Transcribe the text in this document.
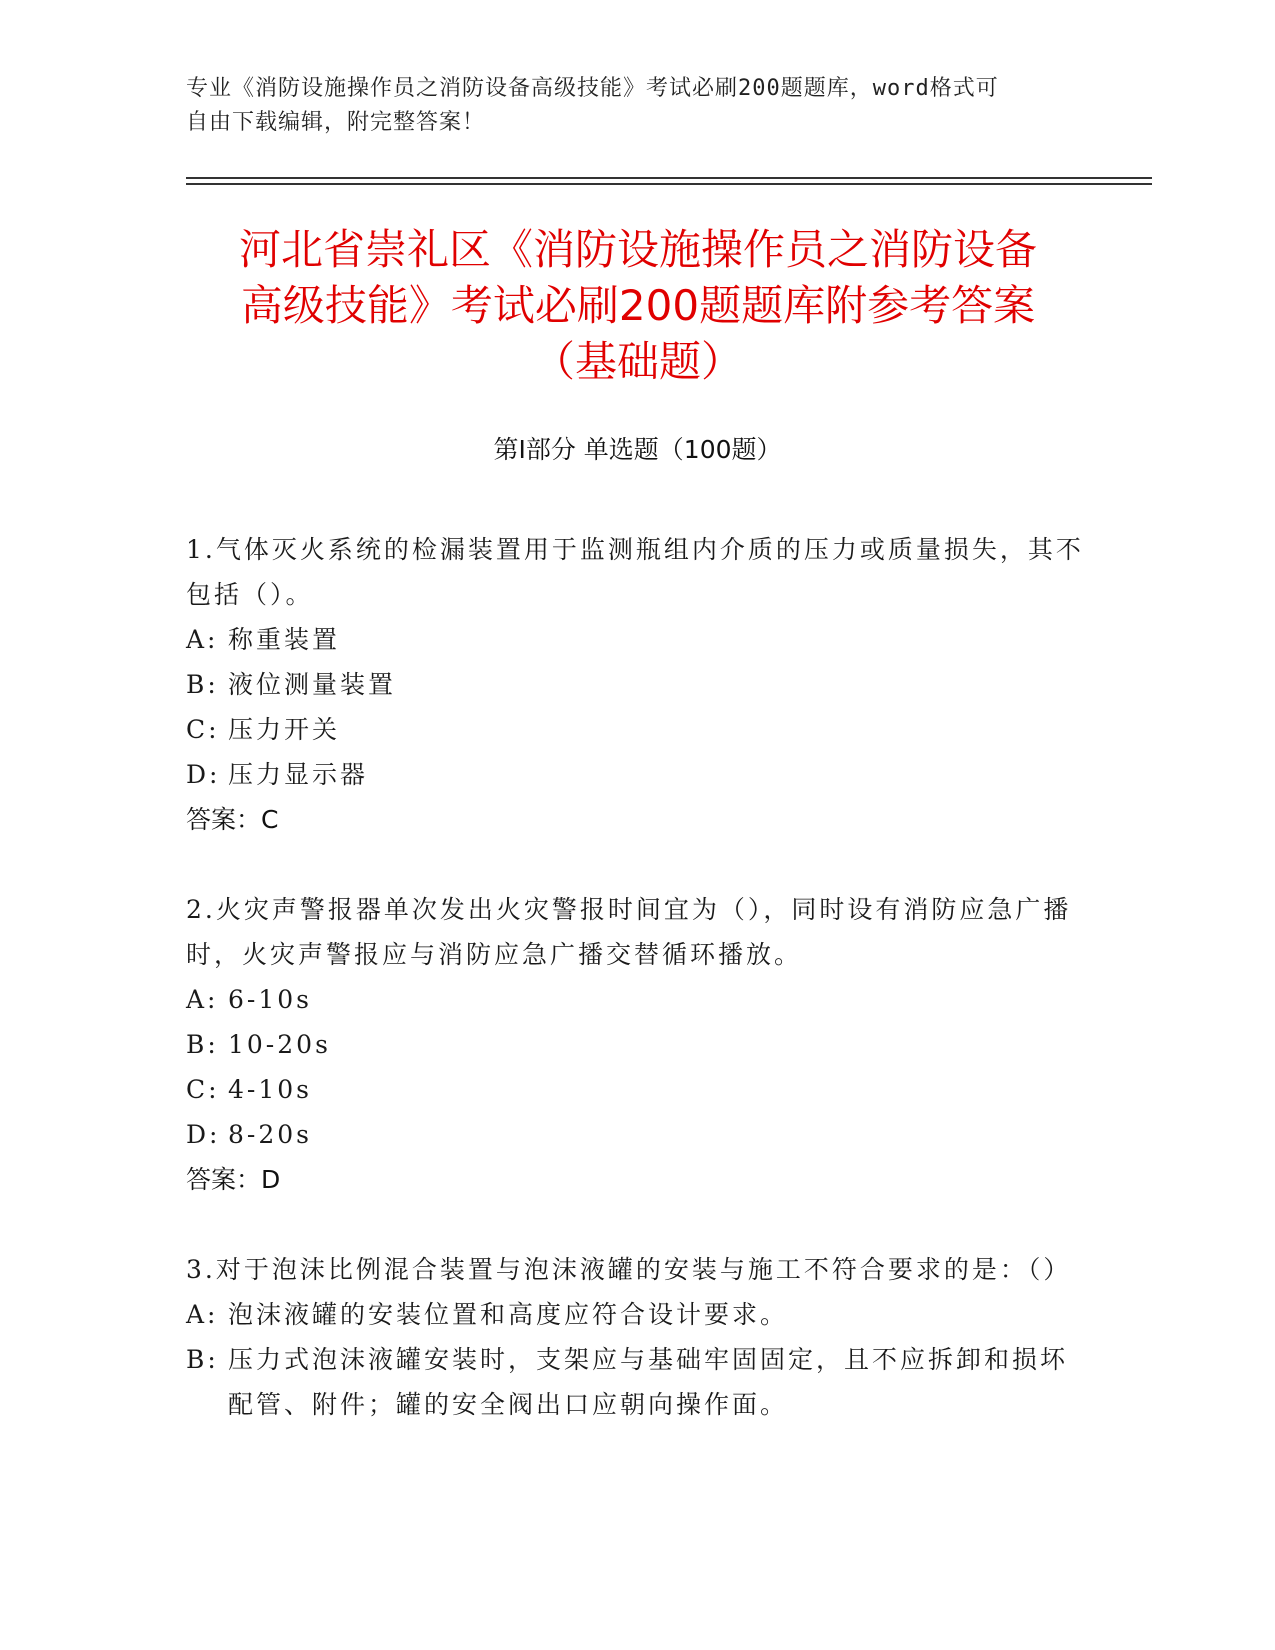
专业《消防设施操作员之消防设备高级技能》考试必刷200题题库，word格式可
自由下载编辑，附完整答案！
河北省崇礼区《消防设施操作员之消防设备
高级技能》考试必刷200题题库附参考答案
（基础题）
第Ⅰ部分 单选题（100题）
1.气体灭火系统的检漏装置用于监测瓶组内介质的压力或质量损失，其不包括（）。
A: 称重装置
B: 液位测量装置
C: 压力开关
D: 压力显示器
答案：C
2.火灾声警报器单次发出火灾警报时间宜为（），同时设有消防应急广播时，火灾声警报应与消防应急广播交替循环播放。
A: 6-10s
B: 10-20s
C: 4-10s
D: 8-20s
答案：D
3.对于泡沫比例混合装置与泡沫液罐的安装与施工不符合要求的是：（）
A: 泡沫液罐的安装位置和高度应符合设计要求。
B: 压力式泡沫液罐安装时，支架应与基础牢固固定，且不应拆卸和损坏配管、附件；罐的安全阀出口应朝向操作面。
